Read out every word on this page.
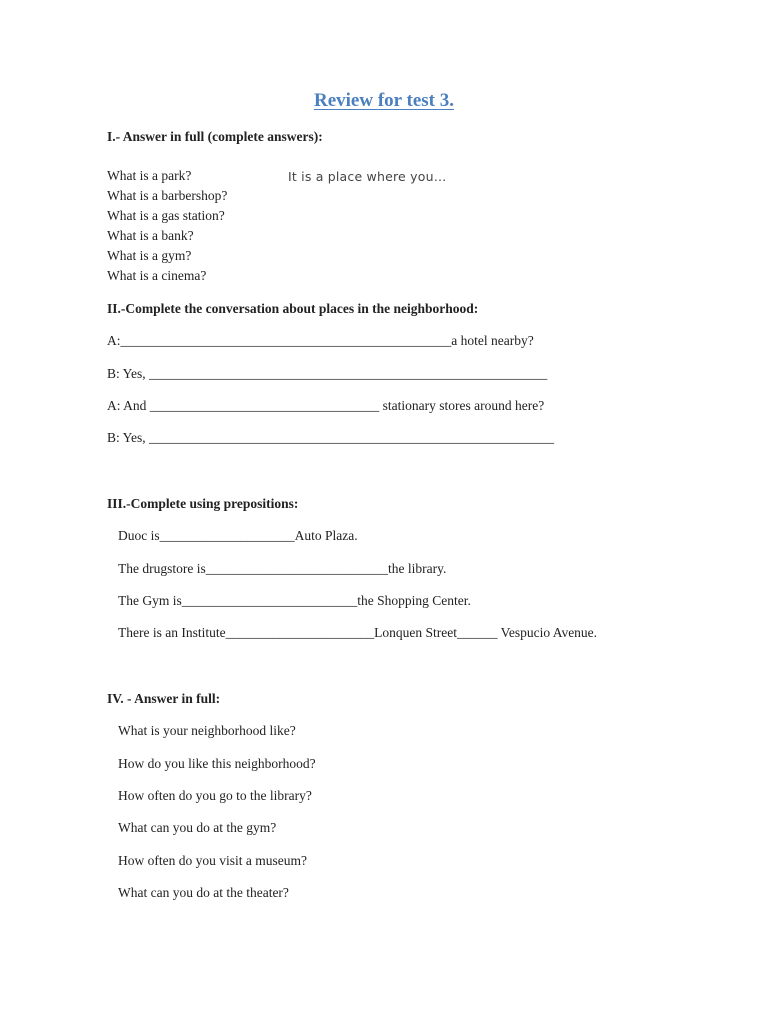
Review for test 3.
I.- Answer in full (complete answers):
What is a park?	It is a place where you…
What is a barbershop?
What is a gas station?
What is a bank?
What is a gym?
What is a cinema?
II.-Complete the conversation about places in the neighborhood:
A:_________________________________________________a hotel nearby?
B: Yes, ___________________________________________________________
A: And __________________________________ stationary stores around here?
B: Yes, ____________________________________________________________
III.-Complete using prepositions:
Duoc is____________________Auto Plaza.
The drugstore is___________________________the library.
The Gym is__________________________the Shopping Center.
There is an Institute______________________Lonquen Street______ Vespucio Avenue.
IV. - Answer in full:
What is your neighborhood like?
How do you like this neighborhood?
How often do you go to the library?
What can you do at the gym?
How often do you visit a museum?
What can you do at the theater?
